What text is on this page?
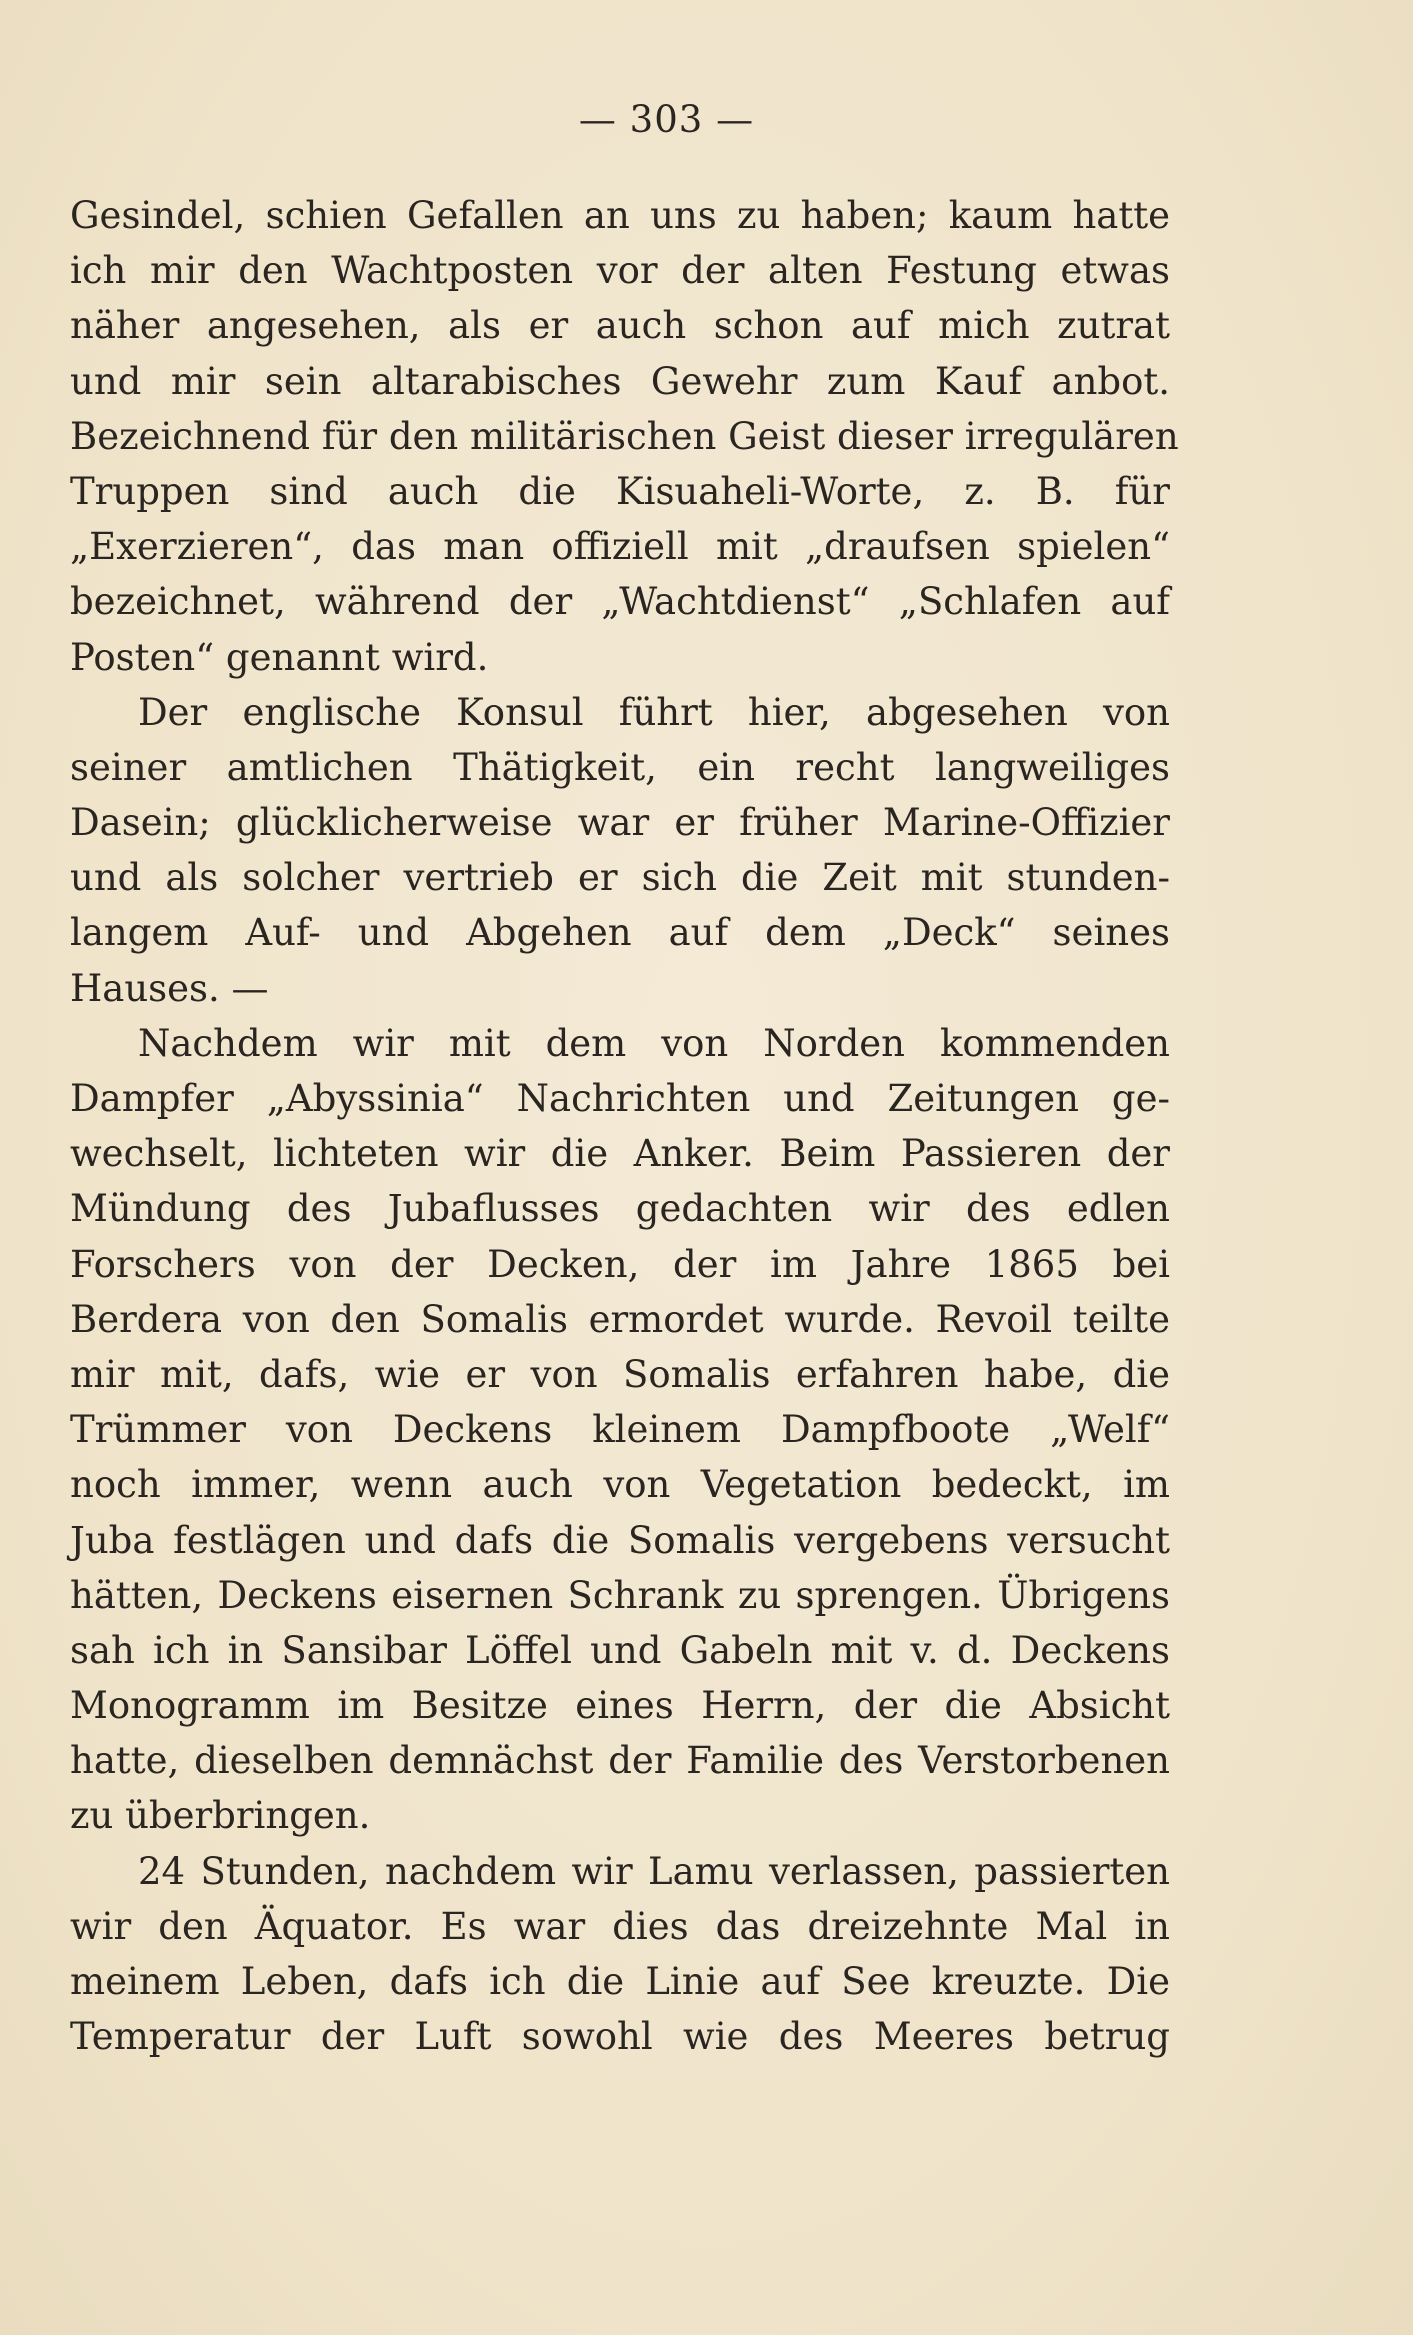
— 303 —
Gesindel, schien Gefallen an uns zu haben; kaum hatte
ich mir den Wachtposten vor der alten Festung etwas
näher angesehen, als er auch schon auf mich zutrat
und mir sein altarabisches Gewehr zum Kauf anbot.
Bezeichnend für den militärischen Geist dieser irregulären
Truppen sind auch die Kisuaheli-Worte, z. B. für
„Exerzieren“, das man offiziell mit „draufsen spielen“
bezeichnet, während der „Wachtdienst“ „Schlafen auf
Posten“ genannt wird.
Der englische Konsul führt hier, abgesehen von
seiner amtlichen Thätigkeit, ein recht langweiliges
Dasein; glücklicherweise war er früher Marine-Offizier
und als solcher vertrieb er sich die Zeit mit stunden-
langem Auf- und Abgehen auf dem „Deck“ seines
Hauses. —
Nachdem wir mit dem von Norden kommenden
Dampfer „Abyssinia“ Nachrichten und Zeitungen ge-
wechselt, lichteten wir die Anker. Beim Passieren der
Mündung des Jubaflusses gedachten wir des edlen
Forschers von der Decken, der im Jahre 1865 bei
Berdera von den Somalis ermordet wurde. Revoil teilte
mir mit, dafs, wie er von Somalis erfahren habe, die
Trümmer von Deckens kleinem Dampfboote „Welf“
noch immer, wenn auch von Vegetation bedeckt, im
Juba festlägen und dafs die Somalis vergebens versucht
hätten, Deckens eisernen Schrank zu sprengen. Übrigens
sah ich in Sansibar Löffel und Gabeln mit v. d. Deckens
Monogramm im Besitze eines Herrn, der die Absicht
hatte, dieselben demnächst der Familie des Verstorbenen
zu überbringen.
24 Stunden, nachdem wir Lamu verlassen, passierten
wir den Äquator. Es war dies das dreizehnte Mal in
meinem Leben, dafs ich die Linie auf See kreuzte. Die
Temperatur der Luft sowohl wie des Meeres betrug
